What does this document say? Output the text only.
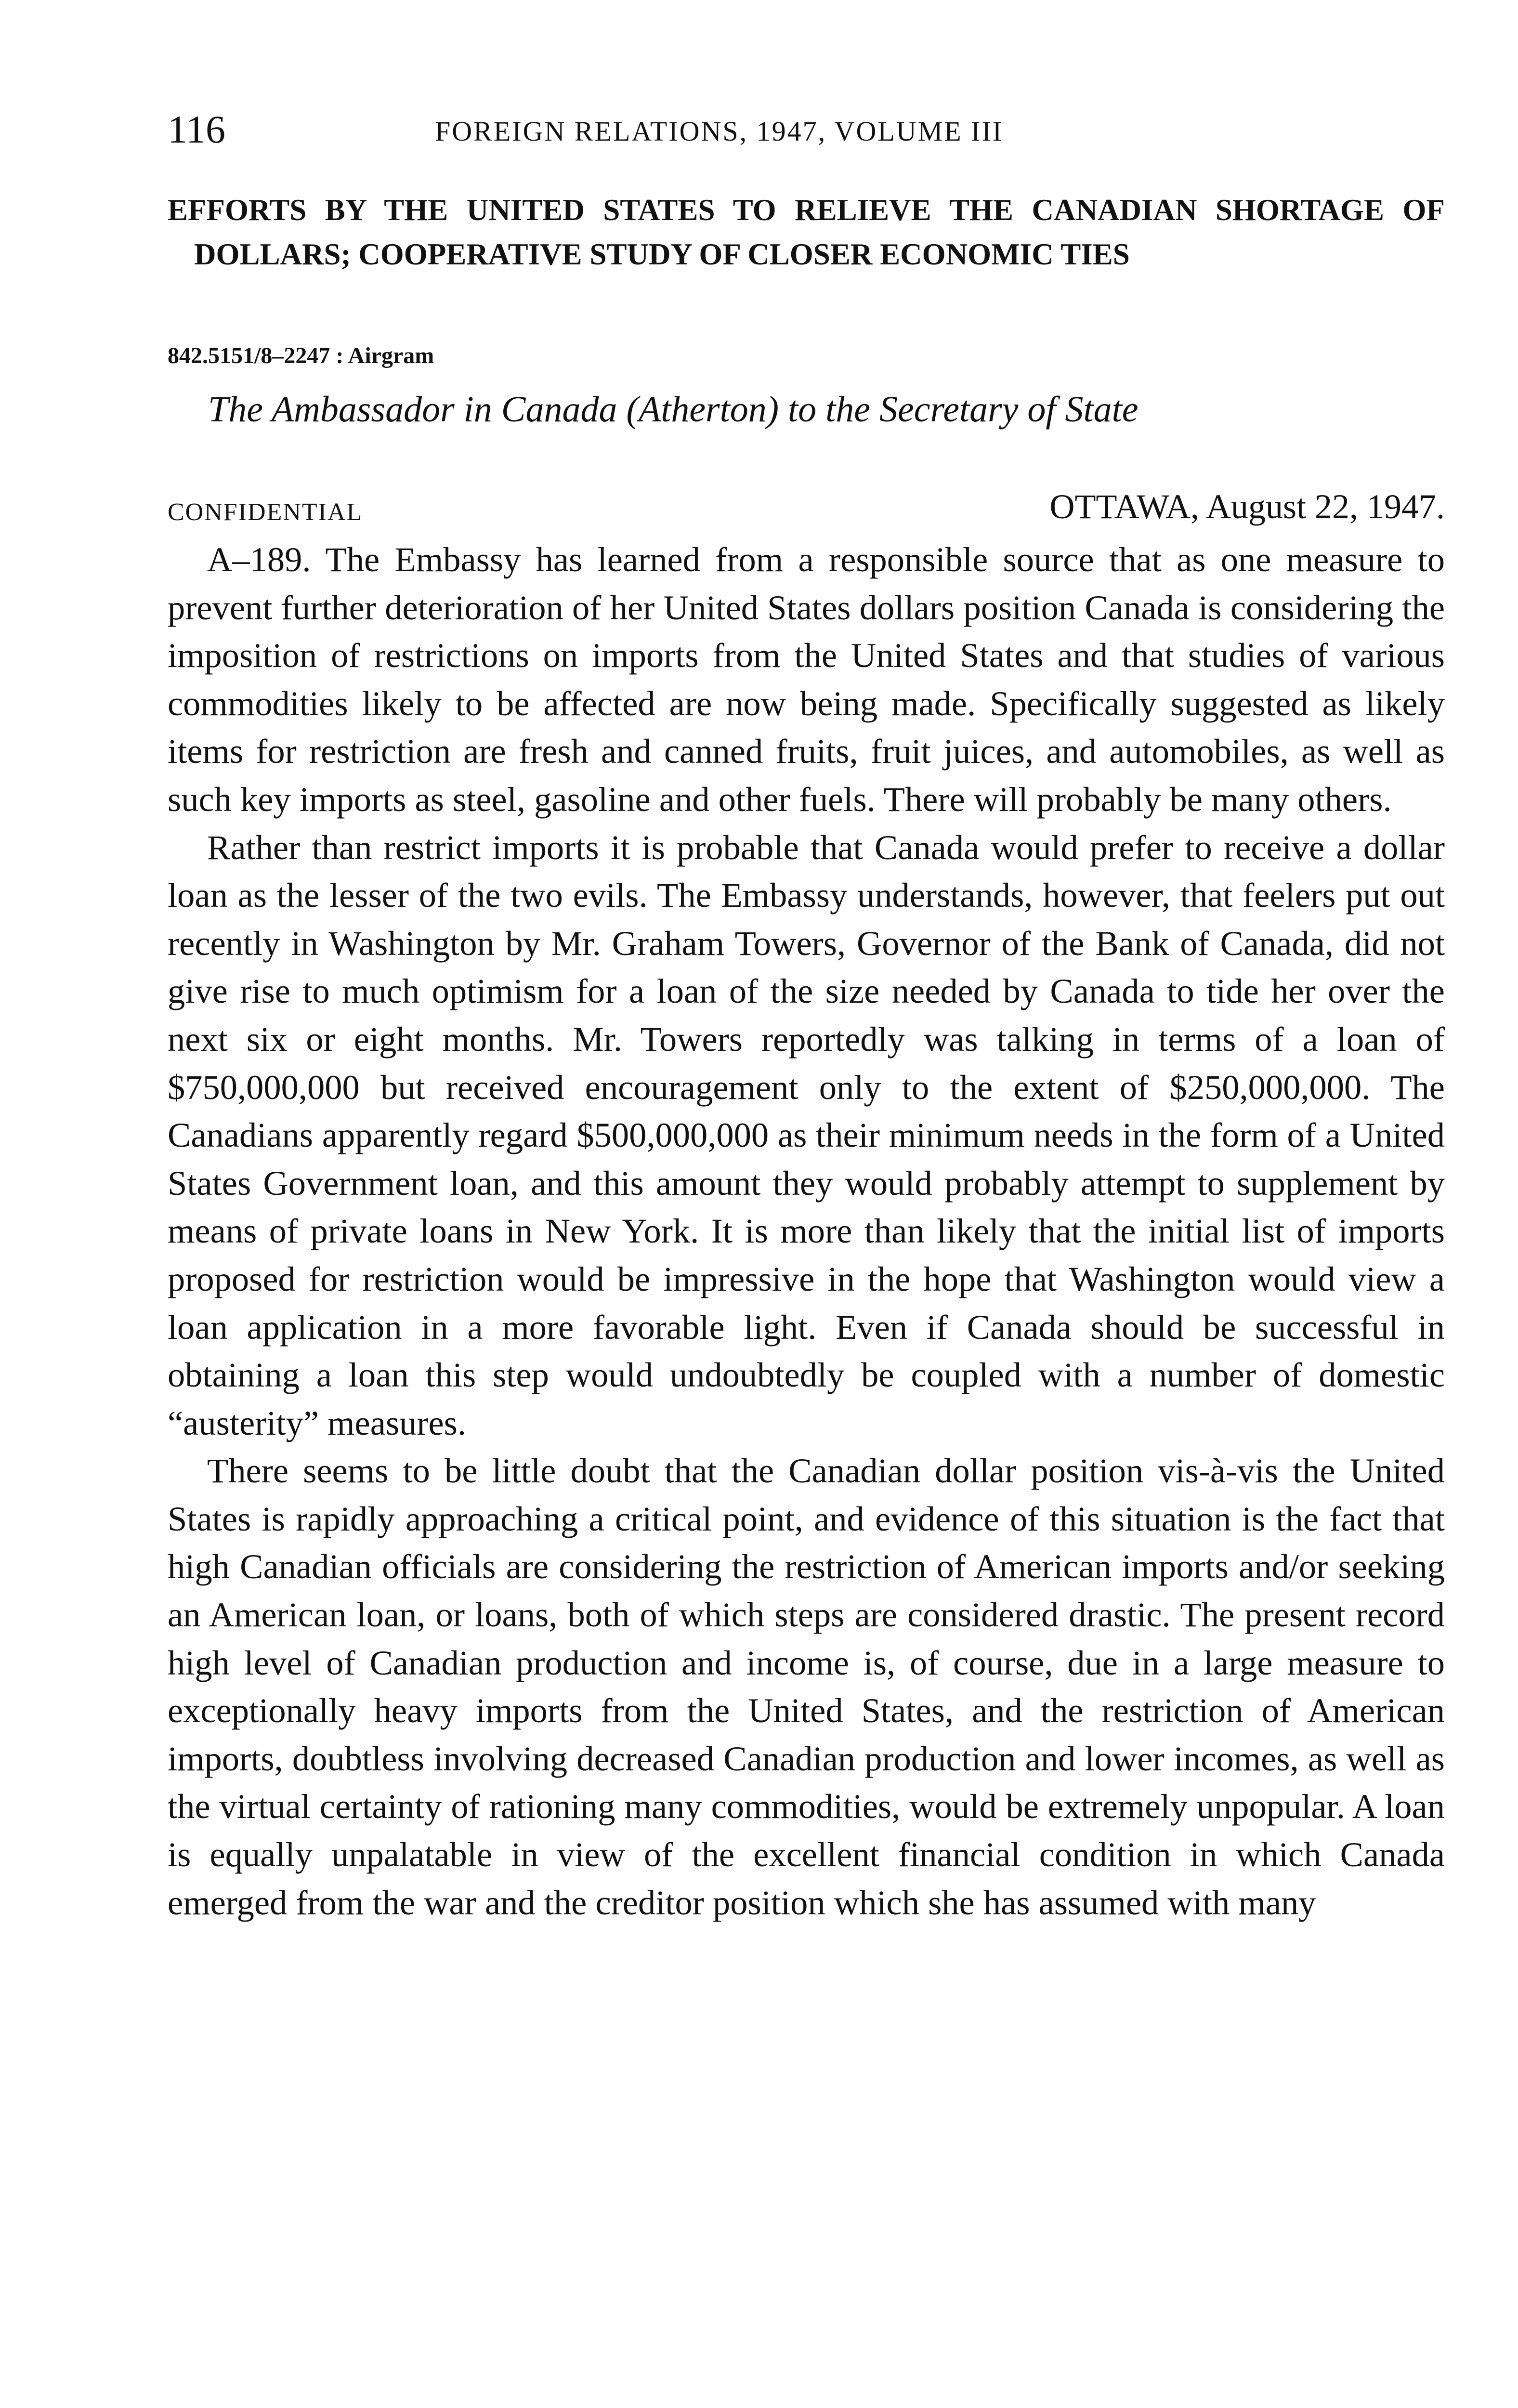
116	FOREIGN RELATIONS, 1947, VOLUME III
EFFORTS BY THE UNITED STATES TO RELIEVE THE CANADIAN SHORTAGE OF DOLLARS; COOPERATIVE STUDY OF CLOSER ECONOMIC TIES
842.5151/8–2247 : Airgram
The Ambassador in Canada (Atherton) to the Secretary of State
CONFIDENTIAL	OTTAWA, August 22, 1947.

A–189. The Embassy has learned from a responsible source that as one measure to prevent further deterioration of her United States dollars position Canada is considering the imposition of restrictions on imports from the United States and that studies of various commodities likely to be affected are now being made. Specifically suggested as likely items for restriction are fresh and canned fruits, fruit juices, and automobiles, as well as such key imports as steel, gasoline and other fuels. There will probably be many others.

Rather than restrict imports it is probable that Canada would prefer to receive a dollar loan as the lesser of the two evils. The Embassy understands, however, that feelers put out recently in Washington by Mr. Graham Towers, Governor of the Bank of Canada, did not give rise to much optimism for a loan of the size needed by Canada to tide her over the next six or eight months. Mr. Towers reportedly was talking in terms of a loan of $750,000,000 but received encouragement only to the extent of $250,000,000. The Canadians apparently regard $500,000,000 as their minimum needs in the form of a United States Government loan, and this amount they would probably attempt to supplement by means of private loans in New York. It is more than likely that the initial list of imports proposed for restriction would be impressive in the hope that Washington would view a loan application in a more favorable light. Even if Canada should be successful in obtaining a loan this step would undoubtedly be coupled with a number of domestic “austerity” measures.

There seems to be little doubt that the Canadian dollar position vis-à-vis the United States is rapidly approaching a critical point, and evidence of this situation is the fact that high Canadian officials are considering the restriction of American imports and/or seeking an American loan, or loans, both of which steps are considered drastic. The present record high level of Canadian production and income is, of course, due in a large measure to exceptionally heavy imports from the United States, and the restriction of American imports, doubtless involving decreased Canadian production and lower incomes, as well as the virtual certainty of rationing many commodities, would be extremely unpopular. A loan is equally unpalatable in view of the excellent financial condition in which Canada emerged from the war and the creditor position which she has assumed with many
